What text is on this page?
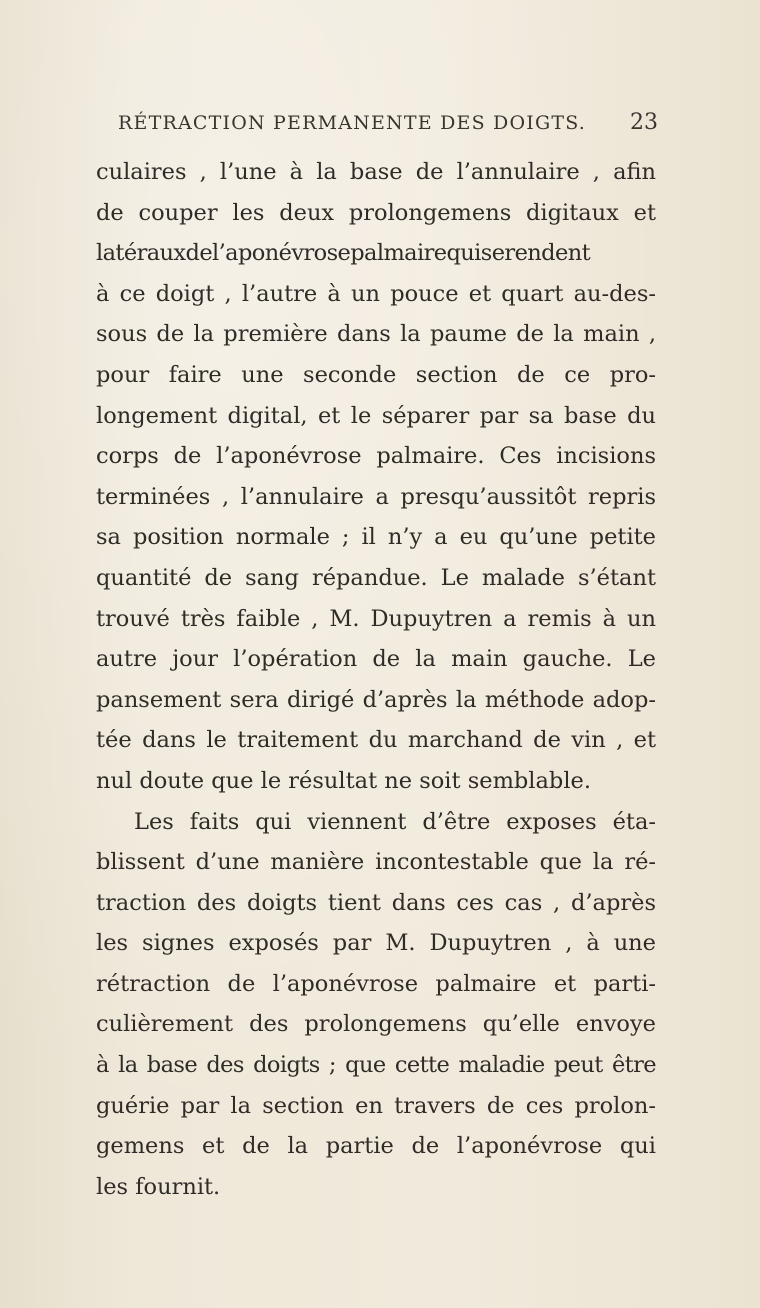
RÉTRACTION PERMANENTE DES DOIGTS. 23
culaires , l’une à la base de l’annulaire , afin
de couper les deux prolongemens digitaux et
latérauxdel’aponévrosepalmairequiserendent
à ce doigt , l’autre à un pouce et quart au-des-
sous de la première dans la paume de la main ,
pour faire une seconde section de ce pro-
longement digital, et le séparer par sa base du
corps de l’aponévrose palmaire. Ces incisions
terminées , l’annulaire a presqu’aussitôt repris
sa position normale ; il n’y a eu qu’une petite
quantité de sang répandue. Le malade s’étant
trouvé très faible , M. Dupuytren a remis à un
autre jour l’opération de la main gauche. Le
pansement sera dirigé d’après la méthode adop-
tée dans le traitement du marchand de vin , et
nul doute que le résultat ne soit semblable.
Les faits qui viennent d’être exposes éta-
blissent d’une manière incontestable que la ré-
traction des doigts tient dans ces cas , d’après
les signes exposés par M. Dupuytren , à une
rétraction de l’aponévrose palmaire et parti-
culièrement des prolongemens qu’elle envoye
à la base des doigts ; que cette maladie peut être
guérie par la section en travers de ces prolon-
gemens et de la partie de l’aponévrose qui
les fournit.
